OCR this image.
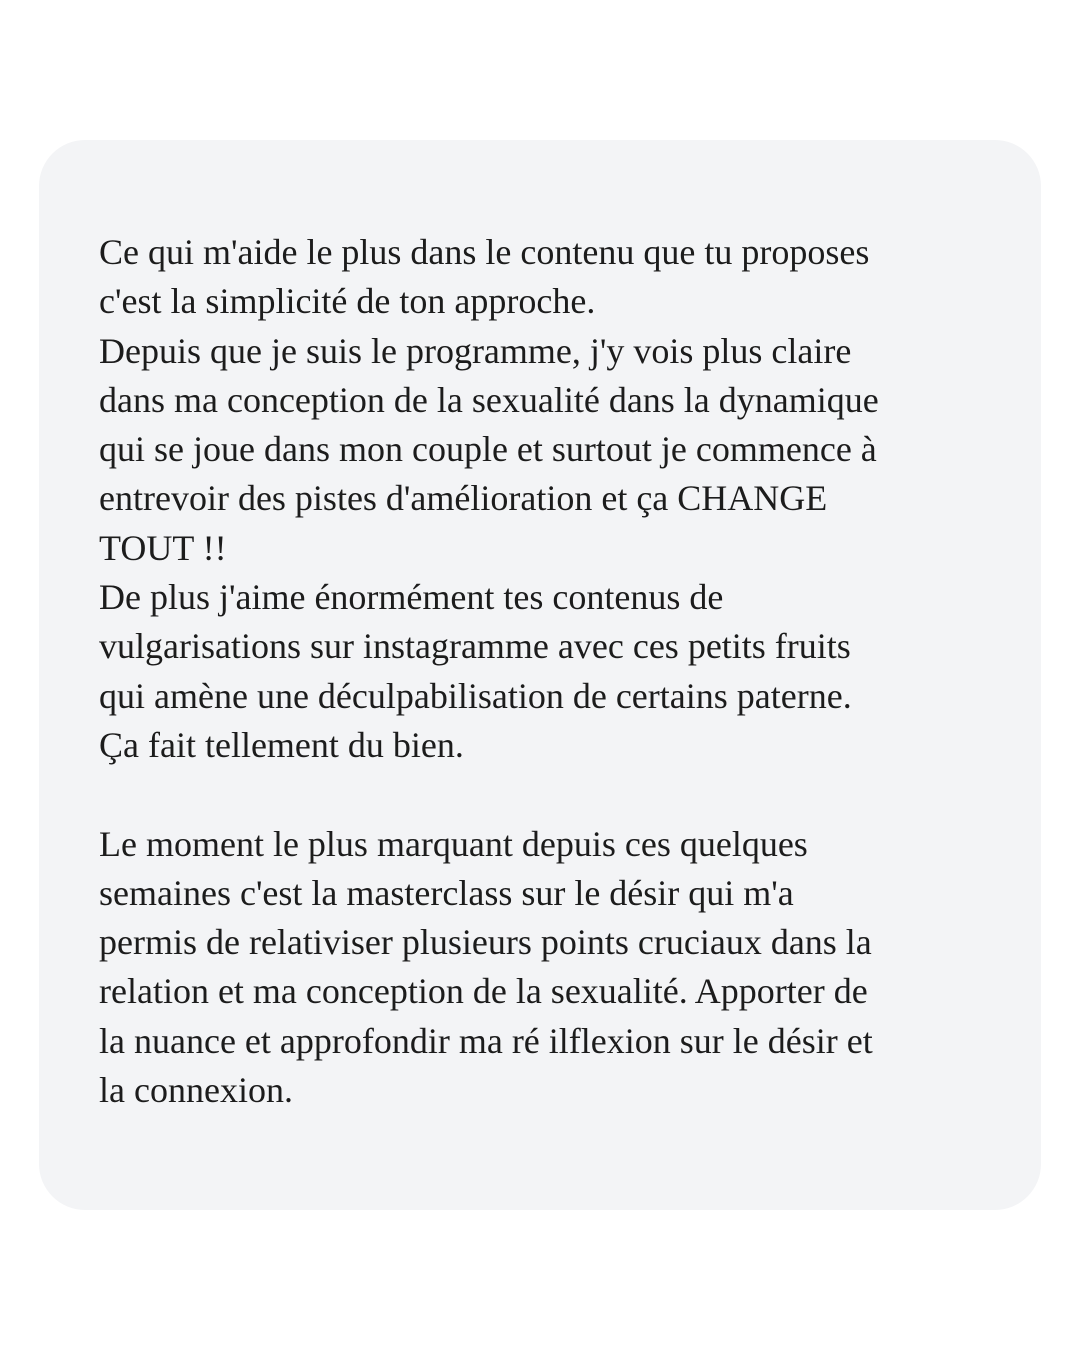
Ce qui m'aide le plus dans le contenu que tu proposes
c'est la simplicité de ton approche.
Depuis que je suis le programme, j'y vois plus claire
dans ma conception de la sexualité dans la dynamique
qui se joue dans mon couple et surtout je commence à
entrevoir des pistes d'amélioration et ça CHANGE
TOUT !!
De plus j'aime énormément tes contenus de
vulgarisations sur instagramme avec ces petits fruits
qui amène une déculpabilisation de certains paterne.
Ça fait tellement du bien.
Le moment le plus marquant depuis ces quelques
semaines c'est la masterclass sur le désir qui m'a
permis de relativiser plusieurs points cruciaux dans la
relation et ma conception de la sexualité. Apporter de
la nuance et approfondir ma ré ilflexion sur le désir et
la connexion.
